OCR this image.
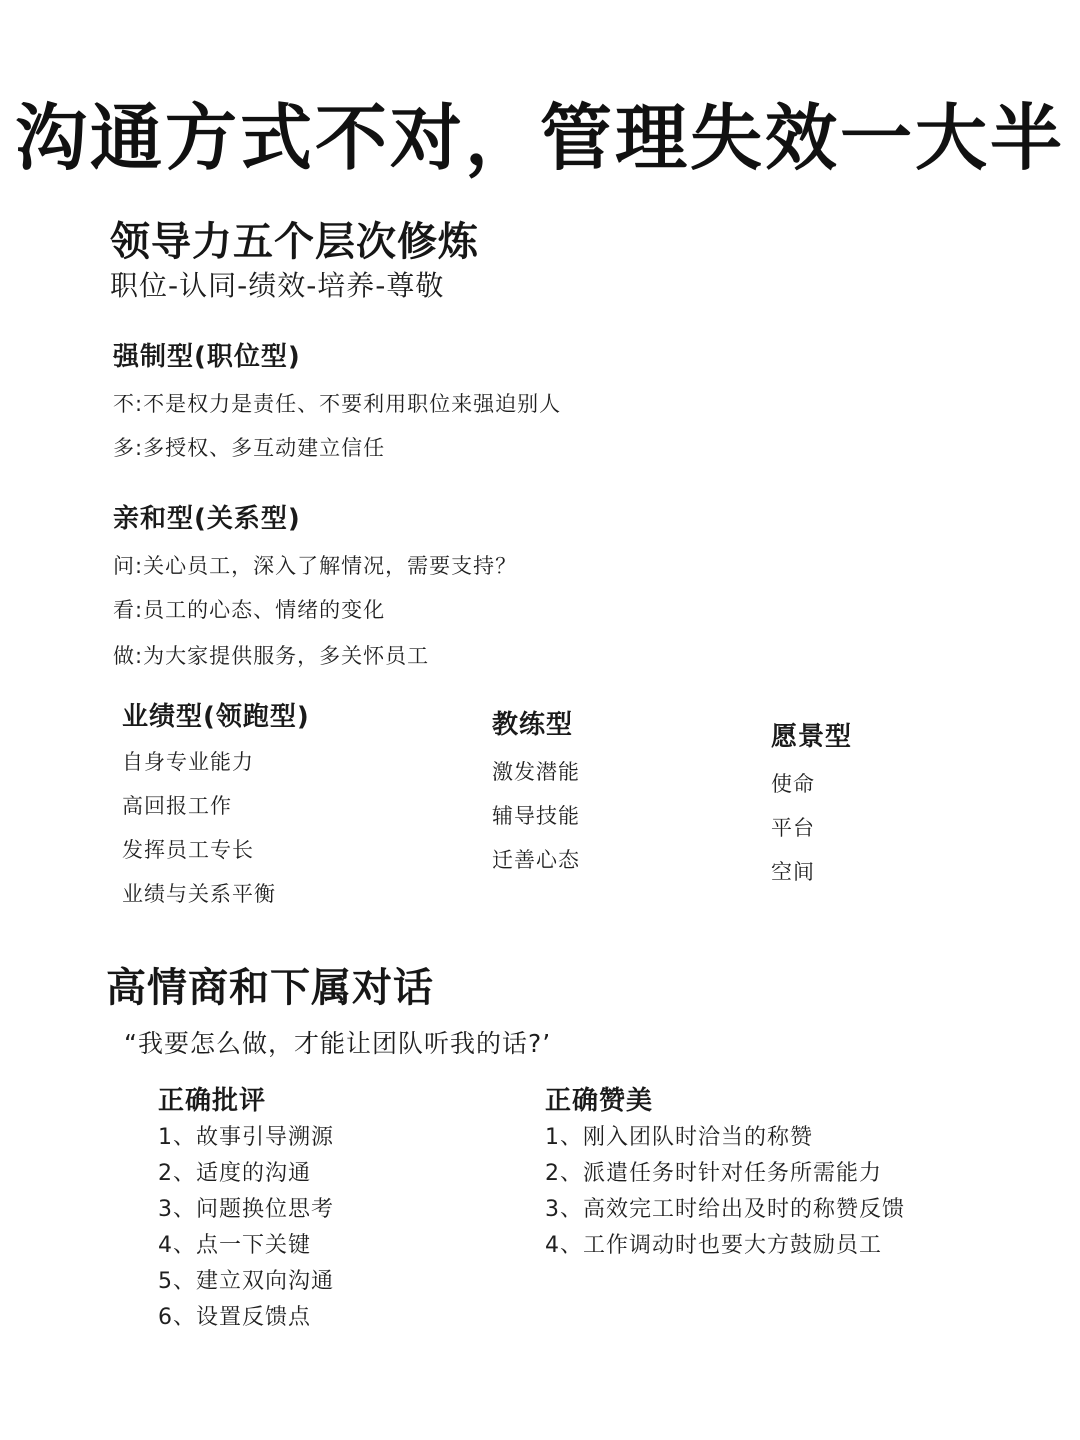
沟通方式不对，管理失效一大半
领导力五个层次修炼
职位-认同-绩效-培养-尊敬
强制型(职位型)
不:不是权力是责任、不要利用职位来强迫别人
多:多授权、多互动建立信任
亲和型(关系型)
问:关心员工，深入了解情况，需要支持？
看:员工的心态、情绪的变化
做:为大家提供服务，多关怀员工
业绩型(领跑型)
自身专业能力
高回报工作
发挥员工专长
业绩与关系平衡
教练型
激发潜能
辅导技能
迁善心态
愿景型
使命
平台
空间
高情商和下属对话
“我要怎么做，才能让团队听我的话?’
正确批评
1、故事引导溯源
2、适度的沟通
3、问题换位思考
4、点一下关键
5、建立双向沟通
6、设置反馈点
正确赞美
1、刚入团队时洽当的称赞
2、派遣任务时针对任务所需能力
3、高效完工时给出及时的称赞反馈
4、工作调动时也要大方鼓励员工
